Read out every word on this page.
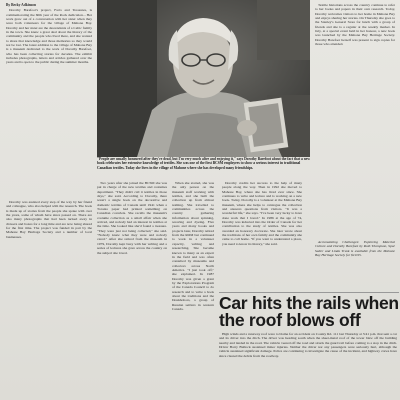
By Becky Adkinson

Dorothy Barefoot's project, Facts and Treasures, is commemorating the 60th year of the Rock dedication... Her work grew out of a conversation with her sister when they were both volunteers for the village of Mahone Bay. Dorothy and her sister are the descendants of a Celtic family in the town. She knew a great deal about the history of the community and the people who lived there, and she wanted to share that knowledge and those memories so they would not be lost. The latest addition to the village of Mahone Bay is a museum dedicated to the work of Dorothy Barefoot, who has been collecting stories for decades. The exhibit includes photographs, letters and articles gathered over the years and is open to the public during the summer months.

Dorothy was assisted every step of the way by her friend and colleague, who also helped with the research. The book is made up of stories from the people she spoke with over the years, some of whom have since passed on. There are also many photographs that had been tucked away in drawers and boxes for a long time and are now being shared for the first time. The project was funded in part by the Mahone Bay Heritage Society and a number of local businesses.

"People are usually honoured after they're dead, but I'm very much alive and enjoying it," says Dorothy Barefoot about the fact that a new book celebrates her extensive knowledge of textiles. She was one of the first BCSM employees to show a serious interest in traditional Canadian textiles. Today she lives in the village of Mahone where she has developed many friendships.

Two years after she joined the BCSM she was put in charge of the new textiles and costumes department. "They didn't call it textiles in those days," she said. According to Dorothy, there wasn't a single book on the decorative and domestic textiles of Canada until 1941 when a Toronto paper had printed something on Canadian coverlets. She recalls the museum's costume collection as a small affair when she arrived, and nobody had an interest in textiles at the time. She looked like she'd found a treasure. "They were just not being collected," she said. "Nobody knew what they were and nobody cared." After she retired from the museum in 1979, Dorothy kept busy with her writing and a series of lectures she gave across the country on the subject she loved.

When she started, she was the only person on the museum staff working with textiles, and she built the collection up from almost nothing. She travelled to communities across the country gathering information about spinning, weaving and dyeing. Five years and many books and projects later, Dorothy retired from the ROM but continued to work in a volunteer capacity, writing and researching. She became known to many as an expert in the field and was often consulted by museums and collectors across North America. "I just took off," she explained. In 1987 Dorothy was given a grant by the Explorations Program of the Canada Council to do research and to write a book about the traditions and the Doukhobors, a group of Russian settlers in western Canada.

Dorothy credits her success to the help of many people along the way. Then in 1992 she moved to Mahone Bay, where she has lived ever since. She continues to write and lecture and is working on a new book. Today, Dorothy is a volunteer at the Mahone Bay museum, where she helps to catalogue the collection and answers questions from visitors. "It was a wonderful life," she says. "I've been very lucky to have done work that I loved." In 1986 at the age of 74, Dorothy was inducted into the Order of Canada for her contribution to the study of textiles. She was also awarded an honorary doctorate. She later wrote about the traditions of her own family and the community she came to call home. "If you want to understand a place, you need to know its history," she said.

Textile historians across the country continue to refer to her books and papers in their own research. Today, Dorothy welcomes visitors to her home in Mahone Bay and enjoys sharing her stories. On Thursday she goes to the Stanley's General Store for lunch with a group of friends and she is a regular at the weekly market. In July, at a special event held in her honour, a new book was launched by the Mahone Bay Heritage Society. Dorothy Barefoot herself was present to sign copies for those who attended.

Accumulating Challenges: Exploring Material Culture and Dorothy Barefoot by Ruth Thompson, Spar Salter and Linda Trask is available from the Mahone Bay Heritage Society for $19.95.

Car hits the rails when
the roof blows off

High winds and a runaway roof were to blame for an accident on County Rd. 111 last Thursday at 3:41 p.m. that sent a car and its driver into the ditch. The driver was heading south when the sheet-metal roof of the tower blew off the building nearby and landed in the road. The vehicle veered off the road and struck the guard rail before coming to a stop in the ditch. Driver Barry Bullock sustained minor injuries. Neither the driver nor any passengers were seriously hurt, although the vehicle sustained significant damage. Police are continuing to investigate the cause of the incident, and highway crews have since cleared the debris from the roadway.
